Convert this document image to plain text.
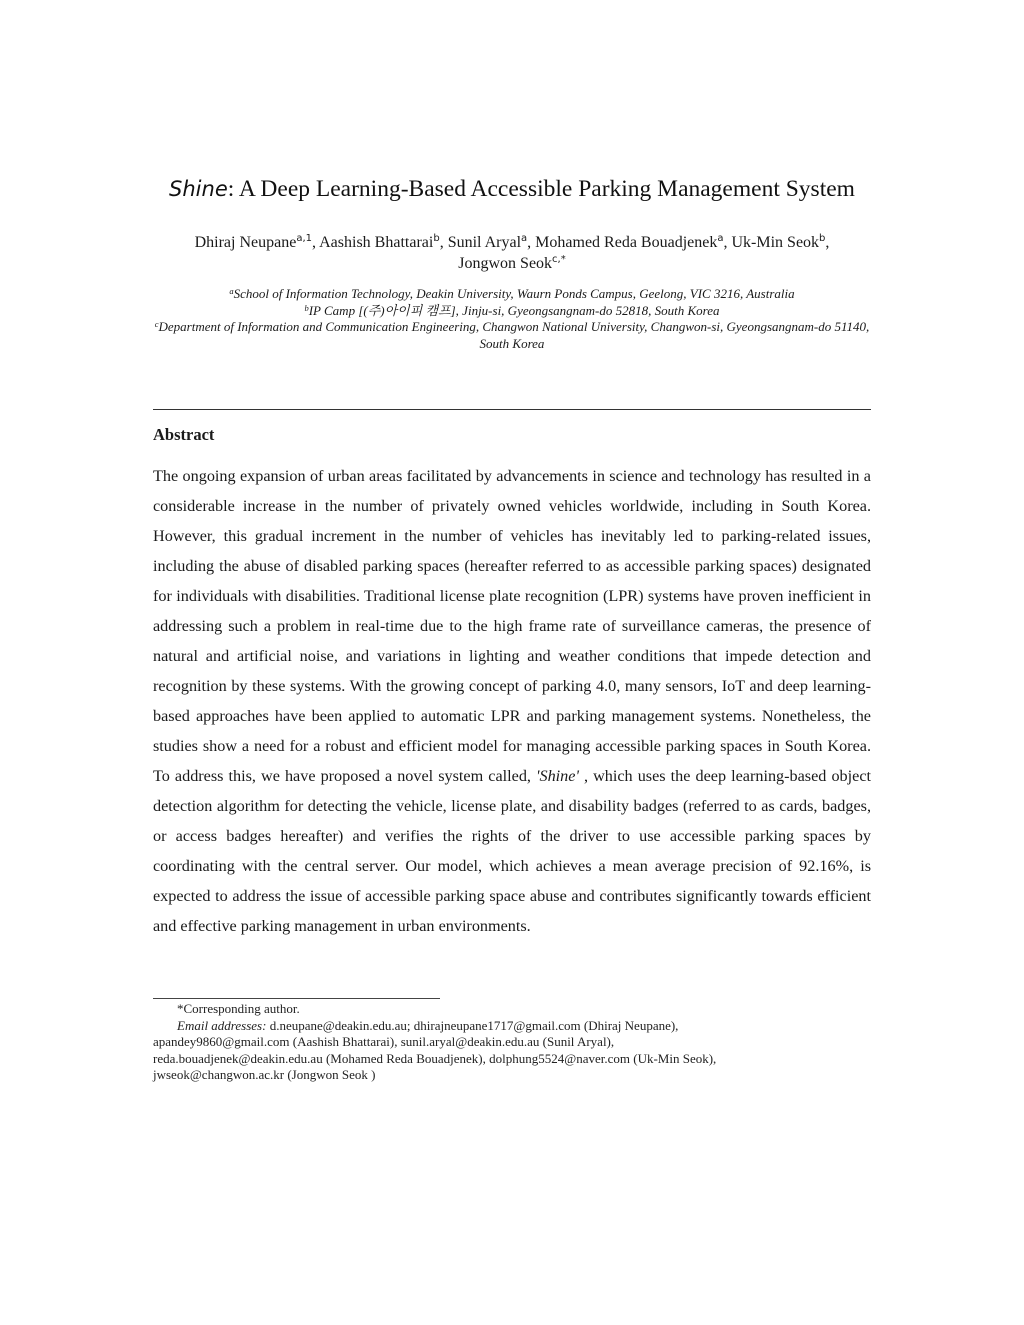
Shine: A Deep Learning-Based Accessible Parking Management System
Dhiraj Neupane$^{a,1}$, Aashish Bhattarai$^b$, Sunil Aryal$^a$, Mohamed Reda Bouadjenek$^a$, Uk-Min Seok$^b$, Jongwon Seok$^{c,*}$
$^a$School of Information Technology, Deakin University, Waurn Ponds Campus, Geelong, VIC 3216, Australia
$^b$IP Camp [(주)아이피 캠프], Jinju-si, Gyeongsangnam-do 52818, South Korea
$^c$Department of Information and Communication Engineering, Changwon National University, Changwon-si, Gyeongsangnam-do 51140, South Korea
Abstract
The ongoing expansion of urban areas facilitated by advancements in science and technology has resulted in a considerable increase in the number of privately owned vehicles worldwide, including in South Korea. However, this gradual increment in the number of vehicles has inevitably led to parking-related issues, including the abuse of disabled parking spaces (hereafter referred to as accessible parking spaces) designated for individuals with disabilities. Traditional license plate recognition (LPR) systems have proven inefficient in addressing such a problem in real-time due to the high frame rate of surveillance cameras, the presence of natural and artificial noise, and variations in lighting and weather conditions that impede detection and recognition by these systems. With the growing concept of parking 4.0, many sensors, IoT and deep learning-based approaches have been applied to automatic LPR and parking management systems. Nonetheless, the studies show a need for a robust and efficient model for managing accessible parking spaces in South Korea. To address this, we have proposed a novel system called, 'Shine' , which uses the deep learning-based object detection algorithm for detecting the vehicle, license plate, and disability badges (referred to as cards, badges, or access badges hereafter) and verifies the rights of the driver to use accessible parking spaces by coordinating with the central server. Our model, which achieves a mean average precision of 92.16%, is expected to address the issue of accessible parking space abuse and contributes significantly towards efficient and effective parking management in urban environments.
*Corresponding author.
Email addresses: d.neupane@deakin.edu.au; dhirajneupane1717@gmail.com (Dhiraj Neupane),
apandey9860@gmail.com (Aashish Bhattarai), sunil.aryal@deakin.edu.au (Sunil Aryal),
reda.bouadjenek@deakin.edu.au (Mohamed Reda Bouadjenek), dolphung5524@naver.com (Uk-Min Seok),
jwseok@changwon.ac.kr (Jongwon Seok )
